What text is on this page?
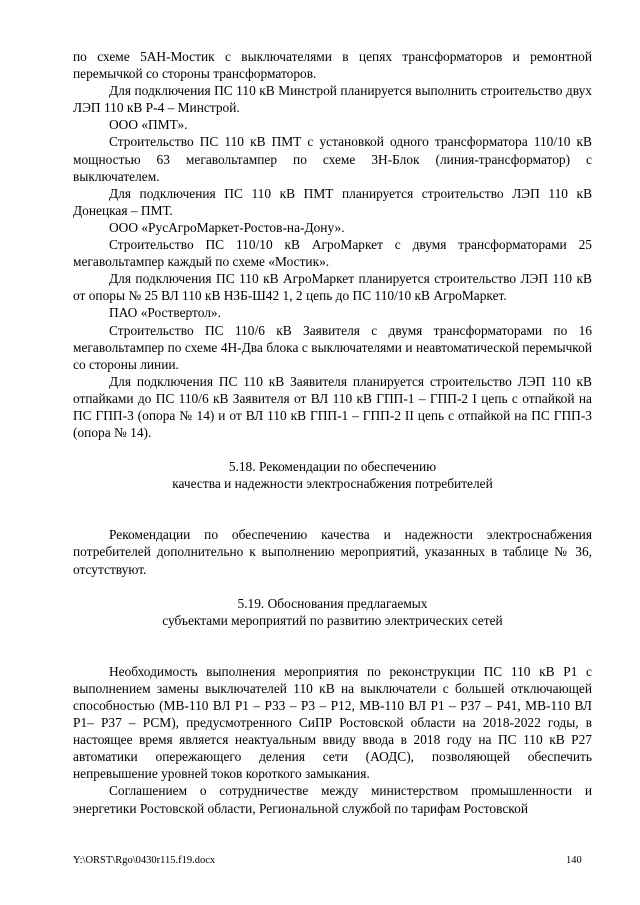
по схеме 5АН-Мостик с выключателями в цепях трансформаторов и ремонтной перемычкой со стороны трансформаторов.

Для подключения ПС 110 кВ Минстрой планируется выполнить строительство двух ЛЭП 110 кВ Р-4 – Минстрой.

ООО «ПМТ».

Строительство ПС 110 кВ ПМТ с установкой одного трансформатора 110/10 кВ мощностью 63 мегавольтампер по схеме 3Н-Блок (линия-трансформатор) с выключателем.

Для подключения ПС 110 кВ ПМТ планируется строительство ЛЭП 110 кВ Донецкая – ПМТ.

ООО «РусАгроМаркет-Ростов-на-Дону».

Строительство ПС 110/10 кВ АгроМаркет с двумя трансформаторами 25 мегавольтампер каждый по схеме «Мостик».

Для подключения ПС 110 кВ АгроМаркет планируется строительство ЛЭП 110 кВ от опоры № 25 ВЛ 110 кВ НЗБ-Ш42 1, 2 цепь до ПС 110/10 кВ АгроМаркет.

ПАО «Роствертол».

Строительство ПС 110/6 кВ Заявителя с двумя трансформаторами по 16 мегавольтампер по схеме 4Н-Два блока с выключателями и неавтоматической перемычкой со стороны линии.

Для подключения ПС 110 кВ Заявителя планируется строительство ЛЭП 110 кВ отпайками до ПС 110/6 кВ Заявителя от ВЛ 110 кВ ГПП-1 – ГПП-2 I цепь с отпайкой на ПС ГПП-3 (опора № 14) и от ВЛ 110 кВ ГПП-1 – ГПП-2 II цепь с отпайкой на ПС ГПП-3 (опора № 14).

5.18. Рекомендации по обеспечению

качества и надежности электроснабжения потребителей

Рекомендации по обеспечению качества и надежности электроснабжения потребителей дополнительно к выполнению мероприятий, указанных в таблице № 36, отсутствуют.

5.19. Обоснования предлагаемых

субъектами мероприятий по развитию электрических сетей

Необходимость выполнения мероприятия по реконструкции ПС 110 кВ Р1 с выполнением замены выключателей 110 кВ на выключатели с большей отключающей способностью (МВ-110 ВЛ Р1 – Р33 – Р3 – Р12, МВ-110 ВЛ Р1 – Р37 – Р41, МВ-110 ВЛ Р1– Р37 – РСМ), предусмотренного СиПР Ростовской области на 2018-2022 годы, в настоящее время является неактуальным ввиду ввода в 2018 году на ПС 110 кВ Р27 автоматики опережающего деления сети (АОДС), позволяющей обеспечить непревышение уровней токов короткого замыкания.

Соглашением о сотрудничестве между министерством промышленности и энергетики Ростовской области, Региональной службой по тарифам Ростовской

Y:\ORST\Rgo\0430r115.f19.docx	140
